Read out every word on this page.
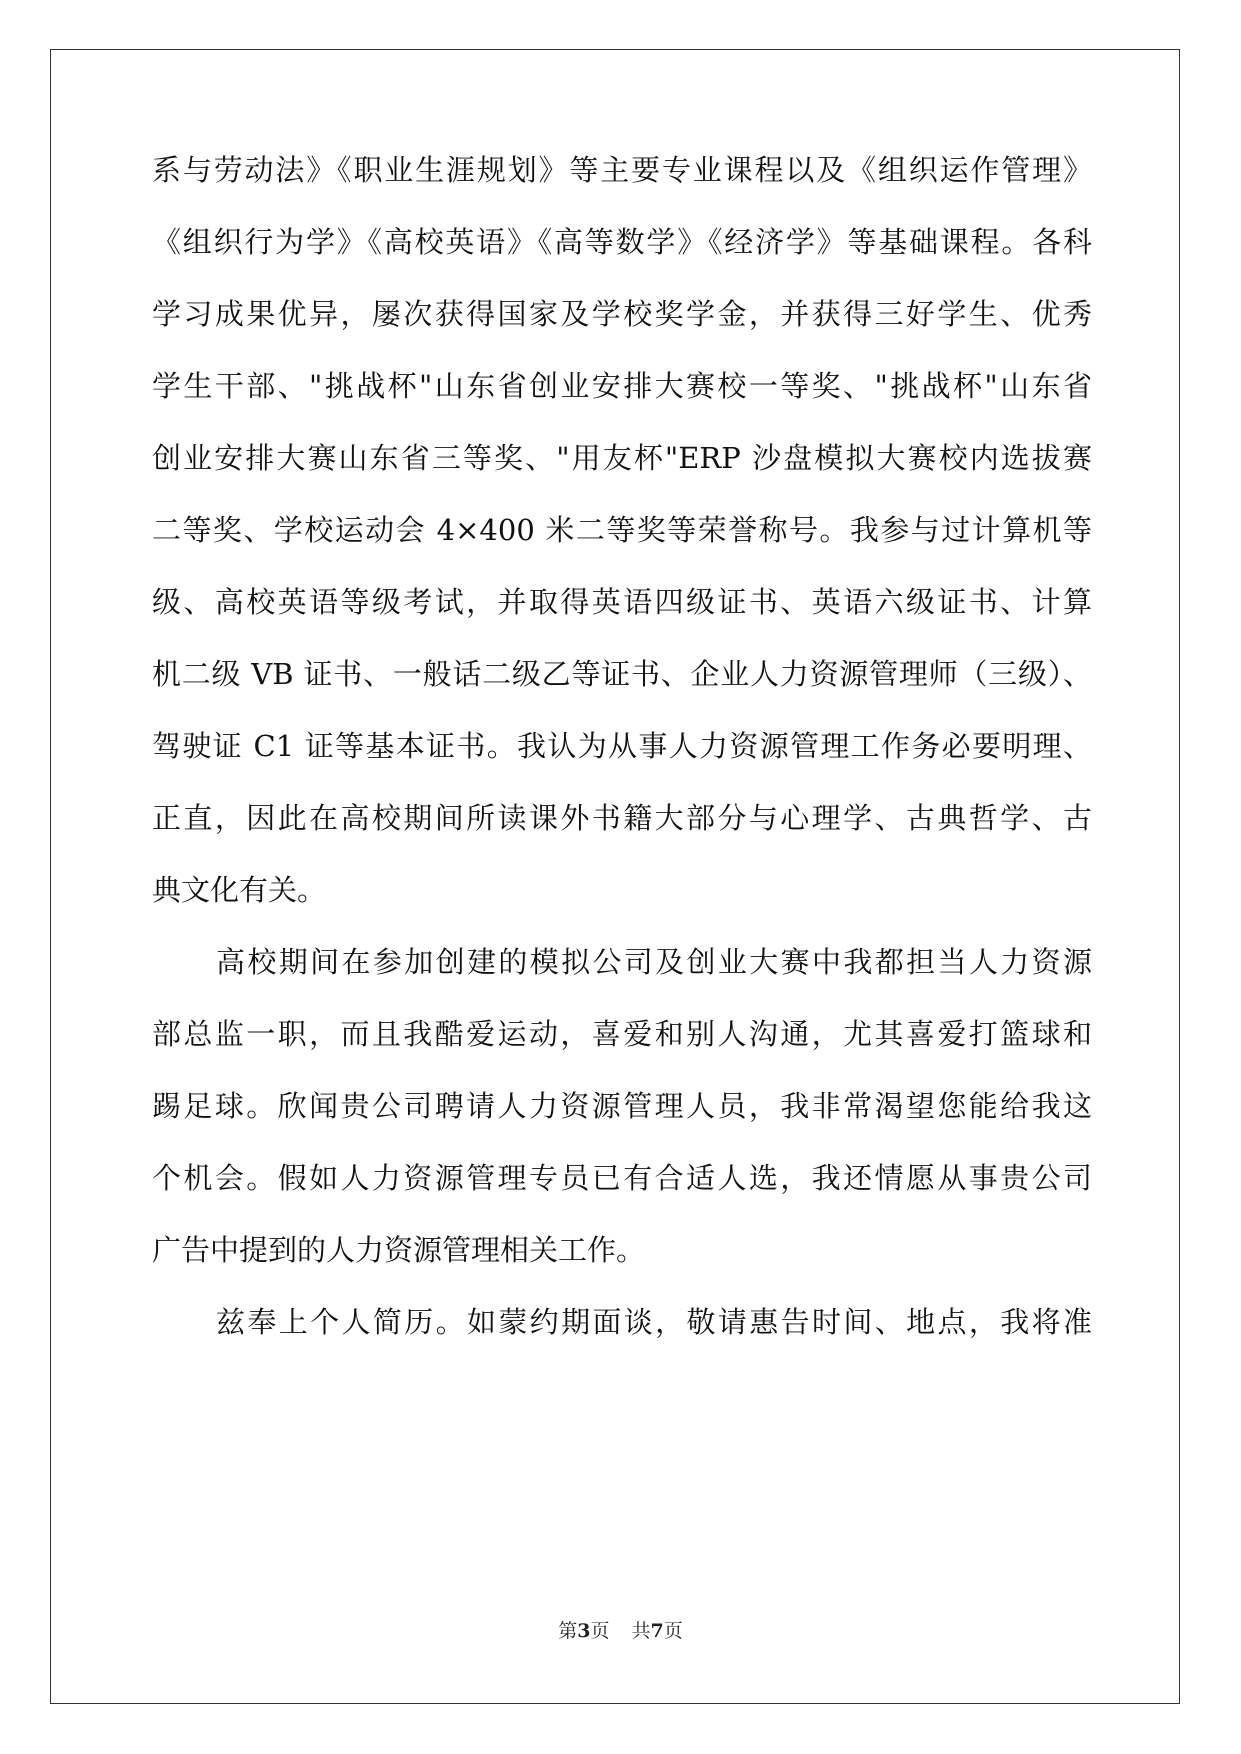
系与劳动法》《职业生涯规划》等主要专业课程以及《组织运作管理》
《组织行为学》《高校英语》《高等数学》《经济学》等基础课程。各科
学习成果优异，屡次获得国家及学校奖学金，并获得三好学生、优秀
学生干部、"挑战杯"山东省创业安排大赛校一等奖、"挑战杯"山东省
创业安排大赛山东省三等奖、"用友杯"ERP 沙盘模拟大赛校内选拔赛
二等奖、学校运动会 4×400 米二等奖等荣誉称号。我参与过计算机等
级、高校英语等级考试，并取得英语四级证书、英语六级证书、计算
机二级 VB 证书、一般话二级乙等证书、企业人力资源管理师（三级）、
驾驶证 C1 证等基本证书。我认为从事人力资源管理工作务必要明理、
正直，因此在高校期间所读课外书籍大部分与心理学、古典哲学、古
典文化有关。
高校期间在参加创建的模拟公司及创业大赛中我都担当人力资源
部总监一职，而且我酷爱运动，喜爱和别人沟通，尤其喜爱打篮球和
踢足球。欣闻贵公司聘请人力资源管理人员，我非常渴望您能给我这
个机会。假如人力资源管理专员已有合适人选，我还情愿从事贵公司
广告中提到的人力资源管理相关工作。
兹奉上个人简历。如蒙约期面谈，敬请惠告时间、地点，我将准
第3页 共7页
